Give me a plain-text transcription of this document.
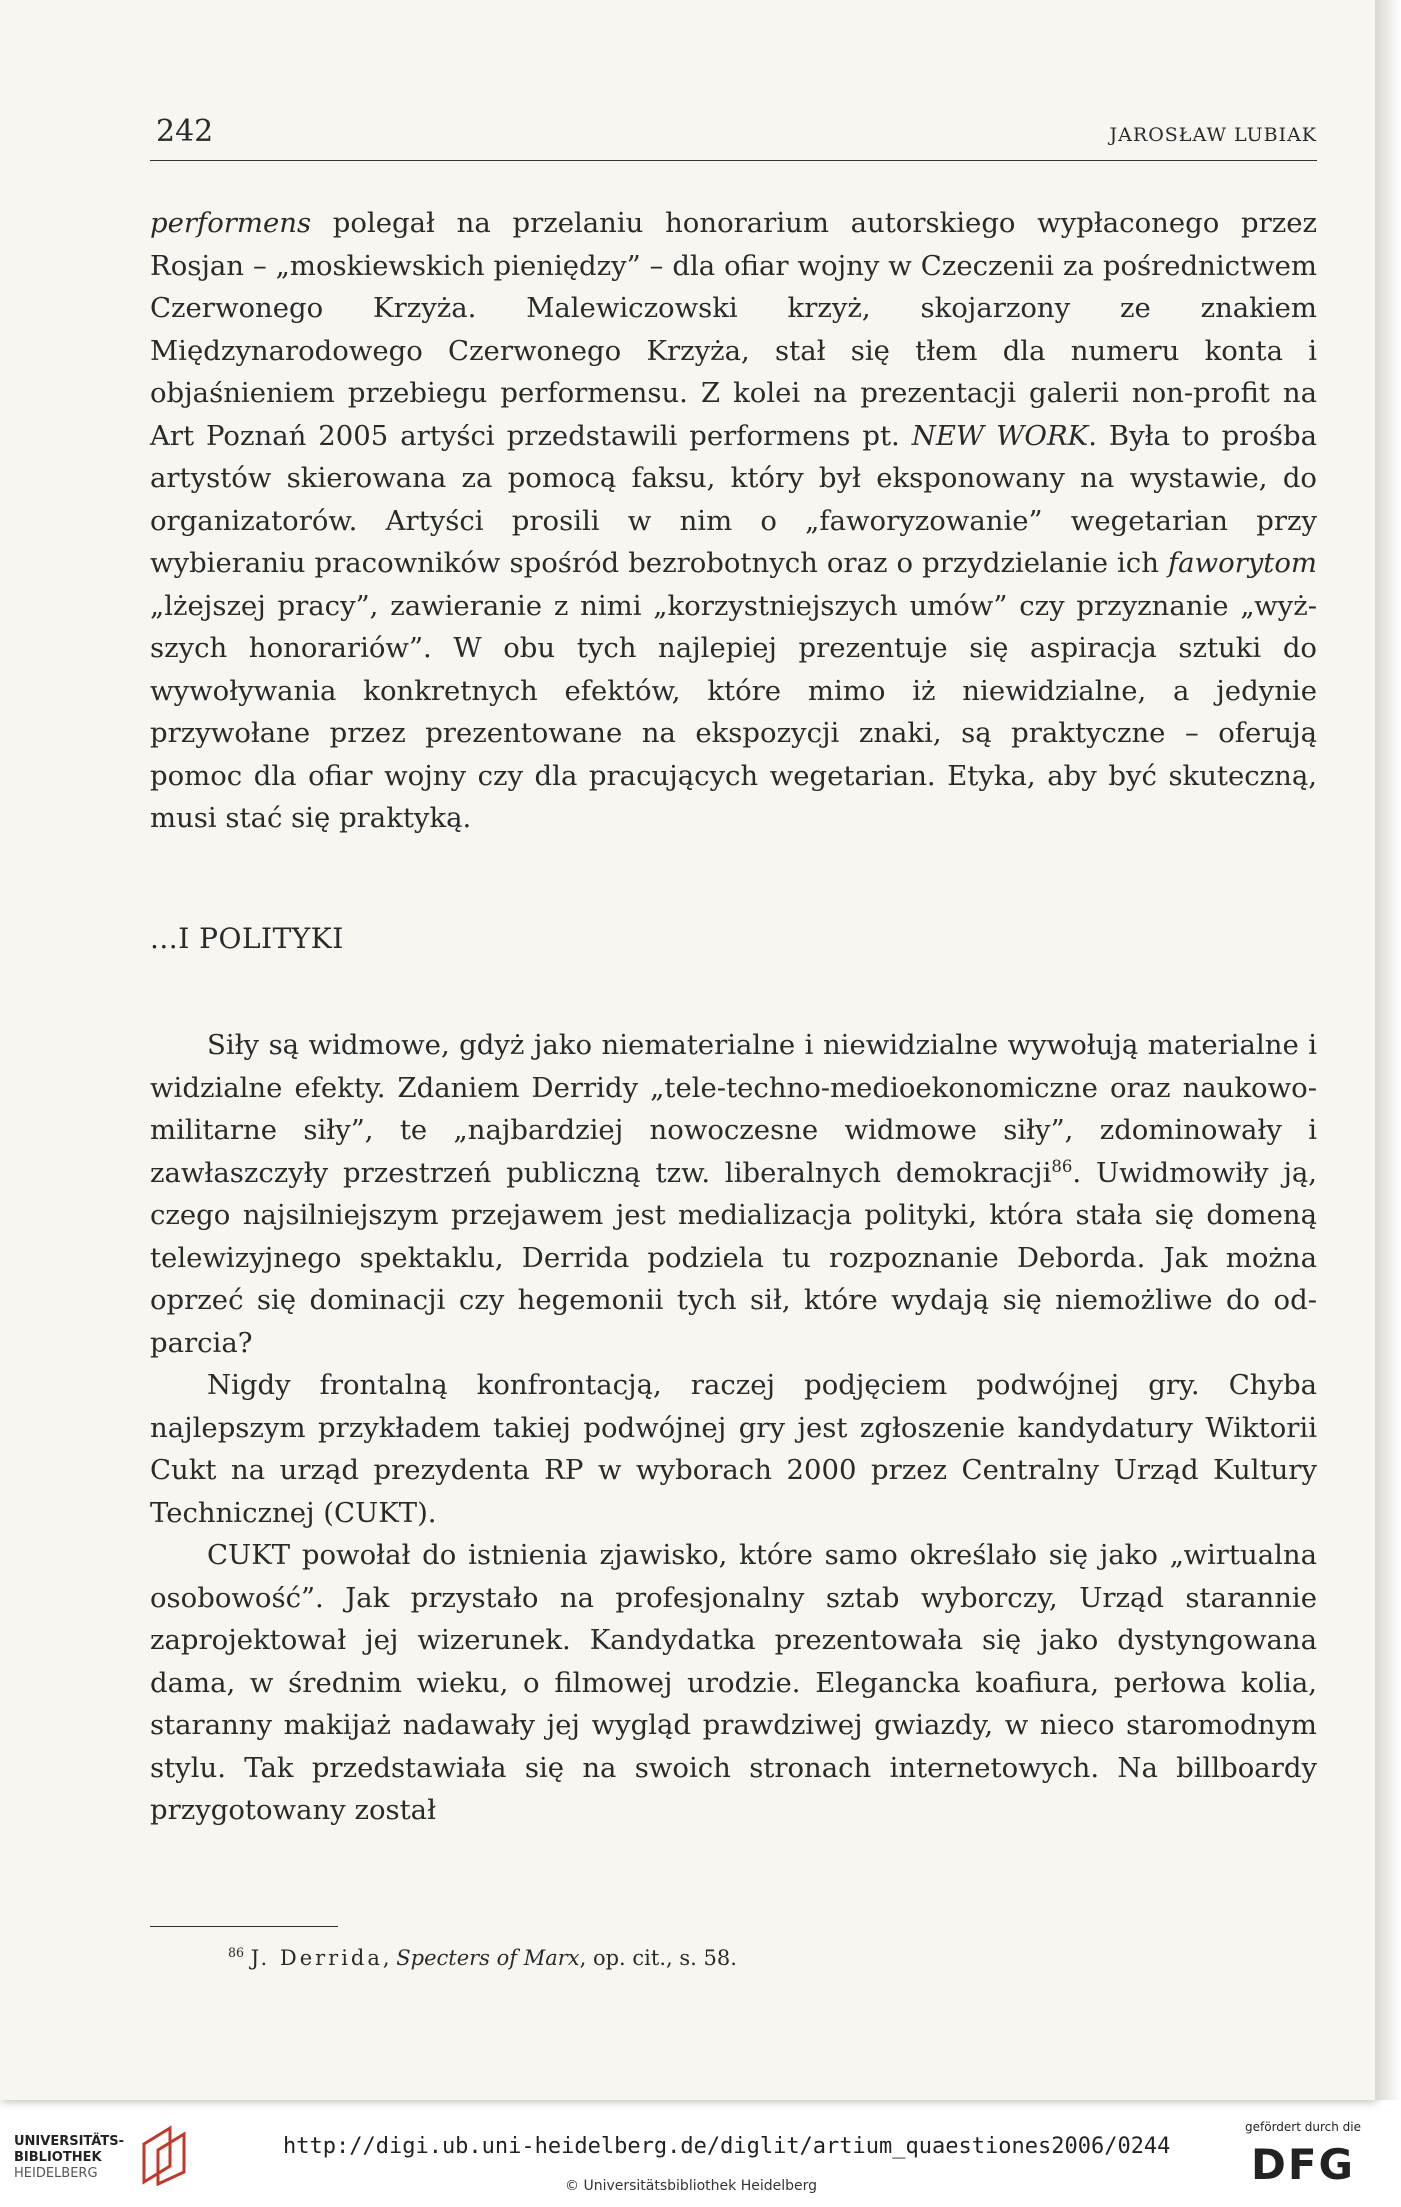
242	JAROSŁAW LUBIAK

performens polegał na przelaniu honorarium autorskiego wypłaconego przez Rosjan – „moskiewskich pieniędzy” – dla ofiar wojny w Czeczenii za pośrednictwem Czerwonego Krzyża. Malewiczowski krzyż, skojarzony ze znakiem Międzynarodowego Czerwonego Krzyża, stał się tłem dla numeru konta i objaśnieniem przebiegu performensu. Z kolei na prezentacji galerii non-profit na Art Poznań 2005 artyści przedstawili performens pt. NEW WORK. Była to prośba artystów skierowana za pomocą faksu, który był eksponowany na wystawie, do organizatorów. Artyści prosili w nim o „faworyzowanie” wegetarian przy wybieraniu pracowników spośród bezrobotnych oraz o przydzielanie ich faworytom „lżejszej pracy”, zawieranie z nimi „korzystniejszych umów” czy przyznanie „wyższych honorariów”. W obu tych najlepiej prezentuje się aspiracja sztuki do wywoływania konkretnych efektów, które mimo iż niewidzialne, a jedynie przywołane przez prezentowane na ekspozycji znaki, są praktyczne – oferują pomoc dla ofiar wojny czy dla pracujących wegetarian. Etyka, aby być skuteczną, musi stać się praktyką.

...I POLITYKI

Siły są widmowe, gdyż jako niematerialne i niewidzialne wywołują materialne i widzialne efekty. Zdaniem Derridy „tele-techno-medioekonomiczne oraz naukowo-militarne siły”, te „najbardziej nowoczesne widmowe siły”, zdominowały i zawłaszczyły przestrzeń publiczną tzw. liberalnych demokracji$^{86}$. Uwidmowiły ją, czego najsilniejszym przejawem jest medializacja polityki, która stała się domeną telewizyjnego spektaklu, Derrida podziela tu rozpoznanie Deborda. Jak można oprzeć się dominacji czy hegemonii tych sił, które wydają się niemożliwe do odparcia?

Nigdy frontalną konfrontacją, raczej podjęciem podwójnej gry. Chyba najlepszym przykładem takiej podwójnej gry jest zgłoszenie kandydatury Wiktorii Cukt na urząd prezydenta RP w wyborach 2000 przez Centralny Urząd Kultury Technicznej (CUKT).

CUKT powołał do istnienia zjawisko, które samo określało się jako „wirtualna osobowość”. Jak przystało na profesjonalny sztab wyborczy, Urząd starannie zaprojektował jej wizerunek. Kandydatka prezentowała się jako dystyngowana dama, w średnim wieku, o filmowej urodzie. Elegancka koafiura, perłowa kolia, staranny makijaż nadawały jej wygląd prawdziwej gwiazdy, w nieco staromodnym stylu. Tak przedstawiała się na swoich stronach internetowych. Na billboardy przygotowany został

$^{86}$ J. Derrida, Specters of Marx, op. cit., s. 58.
UNIVERSITÄTS-
BIBLIOTHEK
HEIDELBERG
http://digi.ub.uni-heidelberg.de/diglit/artium_quaestiones2006/0244
© Universitätsbibliothek Heidelberg
gefördert durch die
DFG
